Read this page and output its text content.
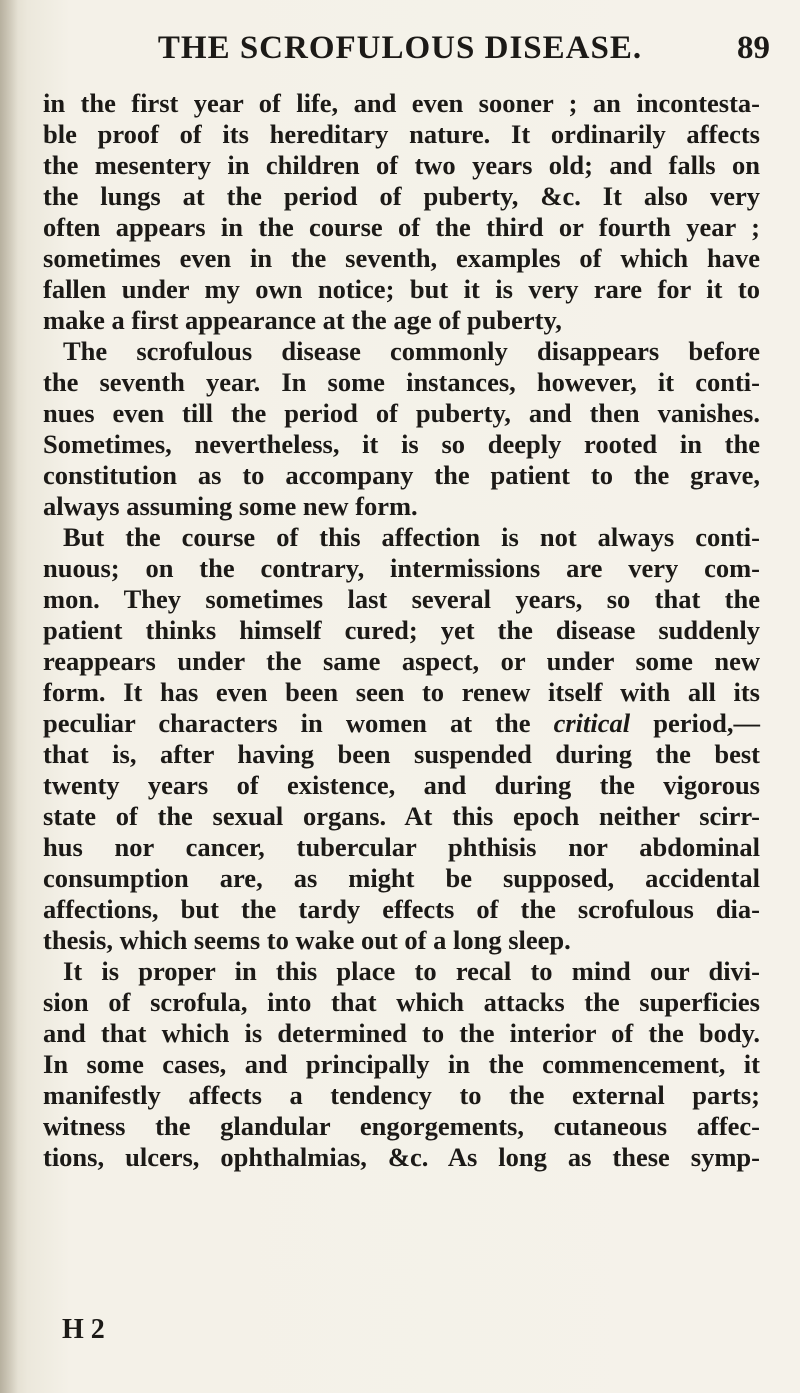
THE SCROFULOUS DISEASE.	89
in the first year of life, and even sooner ; an incontesta-
ble proof of its hereditary nature. It ordinarily affects
the mesentery in children of two years old; and falls on
the lungs at the period of puberty, &c. It also very
often appears in the course of the third or fourth year ;
sometimes even in the seventh, examples of which have
fallen under my own notice; but it is very rare for it to
make a first appearance at the age of puberty,
The scrofulous disease commonly disappears before
the seventh year. In some instances, however, it conti-
nues even till the period of puberty, and then vanishes.
Sometimes, nevertheless, it is so deeply rooted in the
constitution as to accompany the patient to the grave,
always assuming some new form.
But the course of this affection is not always conti-
nuous; on the contrary, intermissions are very com-
mon. They sometimes last several years, so that the
patient thinks himself cured; yet the disease suddenly
reappears under the same aspect, or under some new
form. It has even been seen to renew itself with all its
peculiar characters in women at the critical period,—
that is, after having been suspended during the best
twenty years of existence, and during the vigorous
state of the sexual organs. At this epoch neither scirr-
hus nor cancer, tubercular phthisis nor abdominal
consumption are, as might be supposed, accidental
affections, but the tardy effects of the scrofulous dia-
thesis, which seems to wake out of a long sleep.
It is proper in this place to recal to mind our divi-
sion of scrofula, into that which attacks the superficies
and that which is determined to the interior of the body.
In some cases, and principally in the commencement, it
manifestly affects a tendency to the external parts;
witness the glandular engorgements, cutaneous affec-
tions, ulcers, ophthalmias, &c. As long as these symp-
H 2
